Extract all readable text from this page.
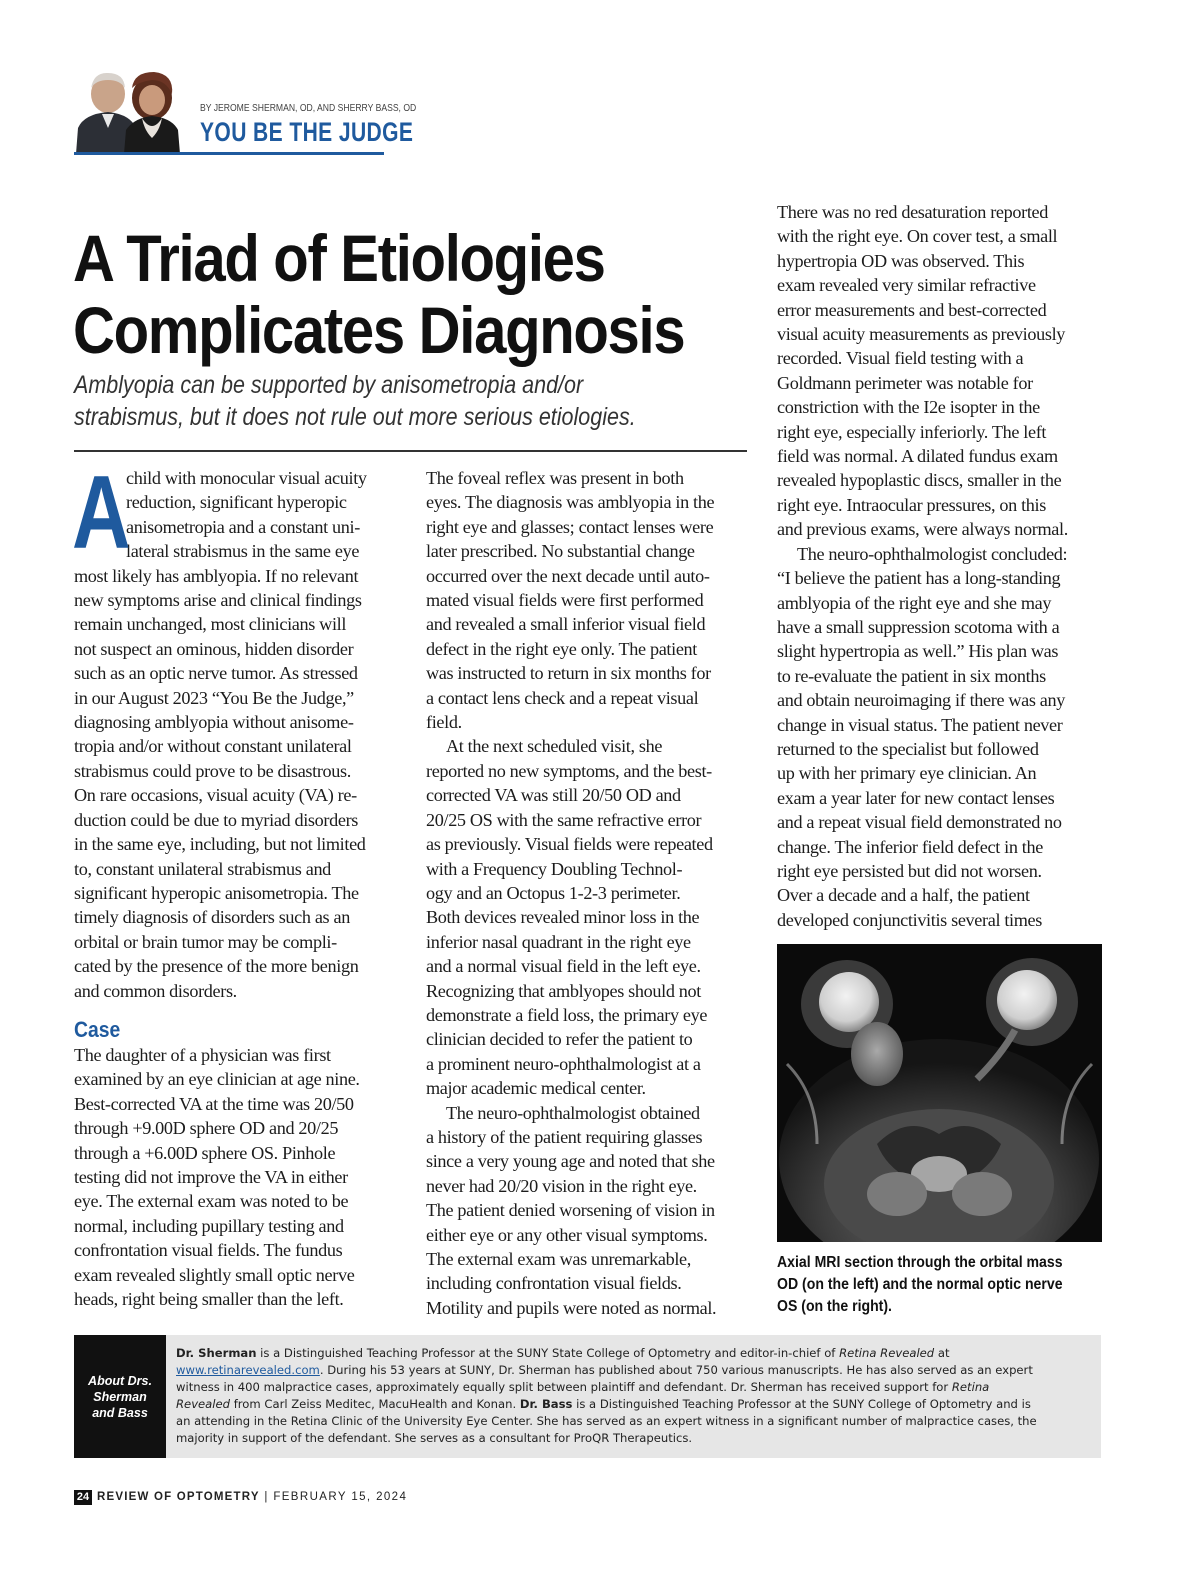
BY JEROME SHERMAN, OD, AND SHERRY BASS, OD
YOU BE THE JUDGE
A Triad of Etiologies
Complicates Diagnosis
Amblyopia can be supported by anisometropia and/or
strabismus, but it does not rule out more serious etiologies.
A

child with monocular visual acuity
reduction, significant hyperopic
anisometropia and a constant uni-
lateral strabismus in the same eye
most likely has amblyopia. If no relevant
new symptoms arise and clinical findings
remain unchanged, most clinicians will
not suspect an ominous, hidden disorder
such as an optic nerve tumor. As stressed
in our August 2023 “You Be the Judge,”
diagnosing amblyopia without anisome-
tropia and/or without constant unilateral
strabismus could prove to be disastrous.
On rare occasions, visual acuity (VA) re-
duction could be due to myriad disorders
in the same eye, including, but not limited
to, constant unilateral strabismus and
significant hyperopic anisometropia. The
timely diagnosis of disorders such as an
orbital or brain tumor may be compli-
cated by the presence of the more benign
and common disorders.

Case

The daughter of a physician was first
examined by an eye clinician at age nine.
Best-corrected VA at the time was 20/50
through +9.00D sphere OD and 20/25
through a +6.00D sphere OS. Pinhole
testing did not improve the VA in either
eye. The external exam was noted to be
normal, including pupillary testing and
confrontation visual fields. The fundus
exam revealed slightly small optic nerve
heads, right being smaller than the left.

The foveal reflex was present in both
eyes. The diagnosis was amblyopia in the
right eye and glasses; contact lenses were
later prescribed. No substantial change
occurred over the next decade until auto-
mated visual fields were first performed
and revealed a small inferior visual field
defect in the right eye only. The patient
was instructed to return in six months for
a contact lens check and a repeat visual
field.

At the next scheduled visit, she
reported no new symptoms, and the best-
corrected VA was still 20/50 OD and
20/25 OS with the same refractive error
as previously. Visual fields were repeated
with a Frequency Doubling Technol-
ogy and an Octopus 1-2-3 perimeter.
Both devices revealed minor loss in the
inferior nasal quadrant in the right eye
and a normal visual field in the left eye.
Recognizing that amblyopes should not
demonstrate a field loss, the primary eye
clinician decided to refer the patient to
a prominent neuro-ophthalmologist at a
major academic medical center.

The neuro-ophthalmologist obtained
a history of the patient requiring glasses
since a very young age and noted that she
never had 20/20 vision in the right eye.
The patient denied worsening of vision in
either eye or any other visual symptoms.
The external exam was unremarkable,
including confrontation visual fields.
Motility and pupils were noted as normal.

There was no red desaturation reported
with the right eye. On cover test, a small
hypertropia OD was observed. This
exam revealed very similar refractive
error measurements and best-corrected
visual acuity measurements as previously
recorded. Visual field testing with a
Goldmann perimeter was notable for
constriction with the I2e isopter in the
right eye, especially inferiorly. The left
field was normal. A dilated fundus exam
revealed hypoplastic discs, smaller in the
right eye. Intraocular pressures, on this
and previous exams, were always normal.

The neuro-ophthalmologist concluded:
“I believe the patient has a long-standing
amblyopia of the right eye and she may
have a small suppression scotoma with a
slight hypertropia as well.” His plan was
to re-evaluate the patient in six months
and obtain neuroimaging if there was any
change in visual status. The patient never
returned to the specialist but followed
up with her primary eye clinician. An
exam a year later for new contact lenses
and a repeat visual field demonstrated no
change. The inferior field defect in the
right eye persisted but did not worsen.
Over a decade and a half, the patient
developed conjunctivitis several times

Axial MRI section through the orbital mass
OD (on the left) and the normal optic nerve
OS (on the right).
About Drs.
Sherman
and Bass
Dr. Sherman is a Distinguished Teaching Professor at the SUNY State College of Optometry and editor-in-chief of Retina Revealed at
www.retinarevealed.com. During his 53 years at SUNY, Dr. Sherman has published about 750 various manuscripts. He has also served as an expert
witness in 400 malpractice cases, approximately equally split between plaintiff and defendant. Dr. Sherman has received support for Retina
Revealed from Carl Zeiss Meditec, MacuHealth and Konan. Dr. Bass is a Distinguished Teaching Professor at the SUNY College of Optometry and is
an attending in the Retina Clinic of the University Eye Center. She has served as an expert witness in a significant number of malpractice cases, the
majority in support of the defendant. She serves as a consultant for ProQR Therapeutics.
24 REVIEW OF OPTOMETRY | FEBRUARY 15, 2024
